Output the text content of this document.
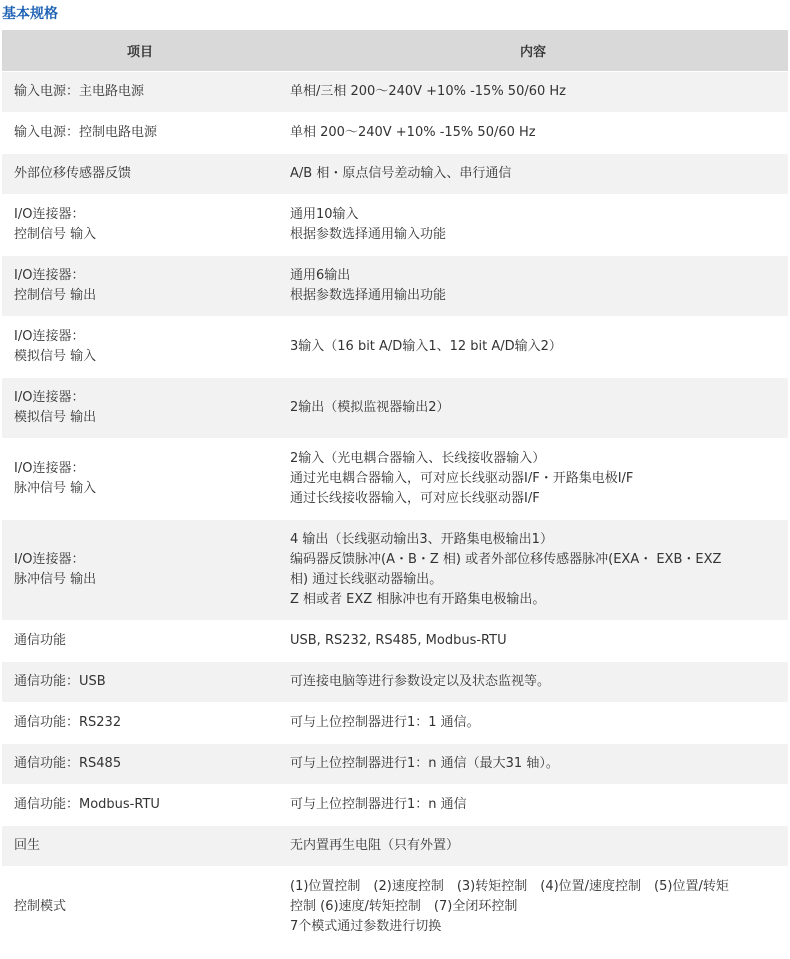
基本规格
项目	内容

输入电源：主电路电源	单相/三相 200～240V +10% -15% 50/60 Hz

输入电源：控制电路电源	单相 200～240V +10% -15% 50/60 Hz

外部位移传感器反馈	A/B 相・原点信号差动输入、串行通信

I/O连接器：
控制信号 输入	通用10输入
根据参数选择通用输入功能

I/O连接器：
控制信号 输出	通用6输出
根据参数选择通用输出功能

I/O连接器：
模拟信号 输入	3输入（16 bit A/D输入1、12 bit A/D输入2）

I/O连接器：
模拟信号 输出	2输出（模拟监视器输出2）

I/O连接器：
脉冲信号 输入	2输入（光电耦合器输入、长线接收器输入）
通过光电耦合器输入，可对应长线驱动器I/F・开路集电极I/F
通过长线接收器输入，可对应长线驱动器I/F

I/O连接器：
脉冲信号 输出	4 输出（长线驱动输出3、开路集电极输出1）
编码器反馈脉冲(A・B・Z 相) 或者外部位移传感器脉冲(EXA・ EXB・EXZ
相) 通过长线驱动器输出。
Z 相或者 EXZ 相脉冲也有开路集电极输出。

通信功能	USB, RS232, RS485, Modbus-RTU

通信功能：USB	可连接电脑等进行参数设定以及状态监视等。

通信功能：RS232	可与上位控制器进行1：1 通信。

通信功能：RS485	可与上位控制器进行1：n 通信（最大31 轴）。

通信功能：Modbus-RTU	可与上位控制器进行1：n 通信

回生	无内置再生电阻（只有外置）

控制模式	(1)位置控制　(2)速度控制　(3)转矩控制　(4)位置/速度控制　(5)位置/转矩
控制 (6)速度/转矩控制　(7)全闭环控制
7个模式通过参数进行切换
